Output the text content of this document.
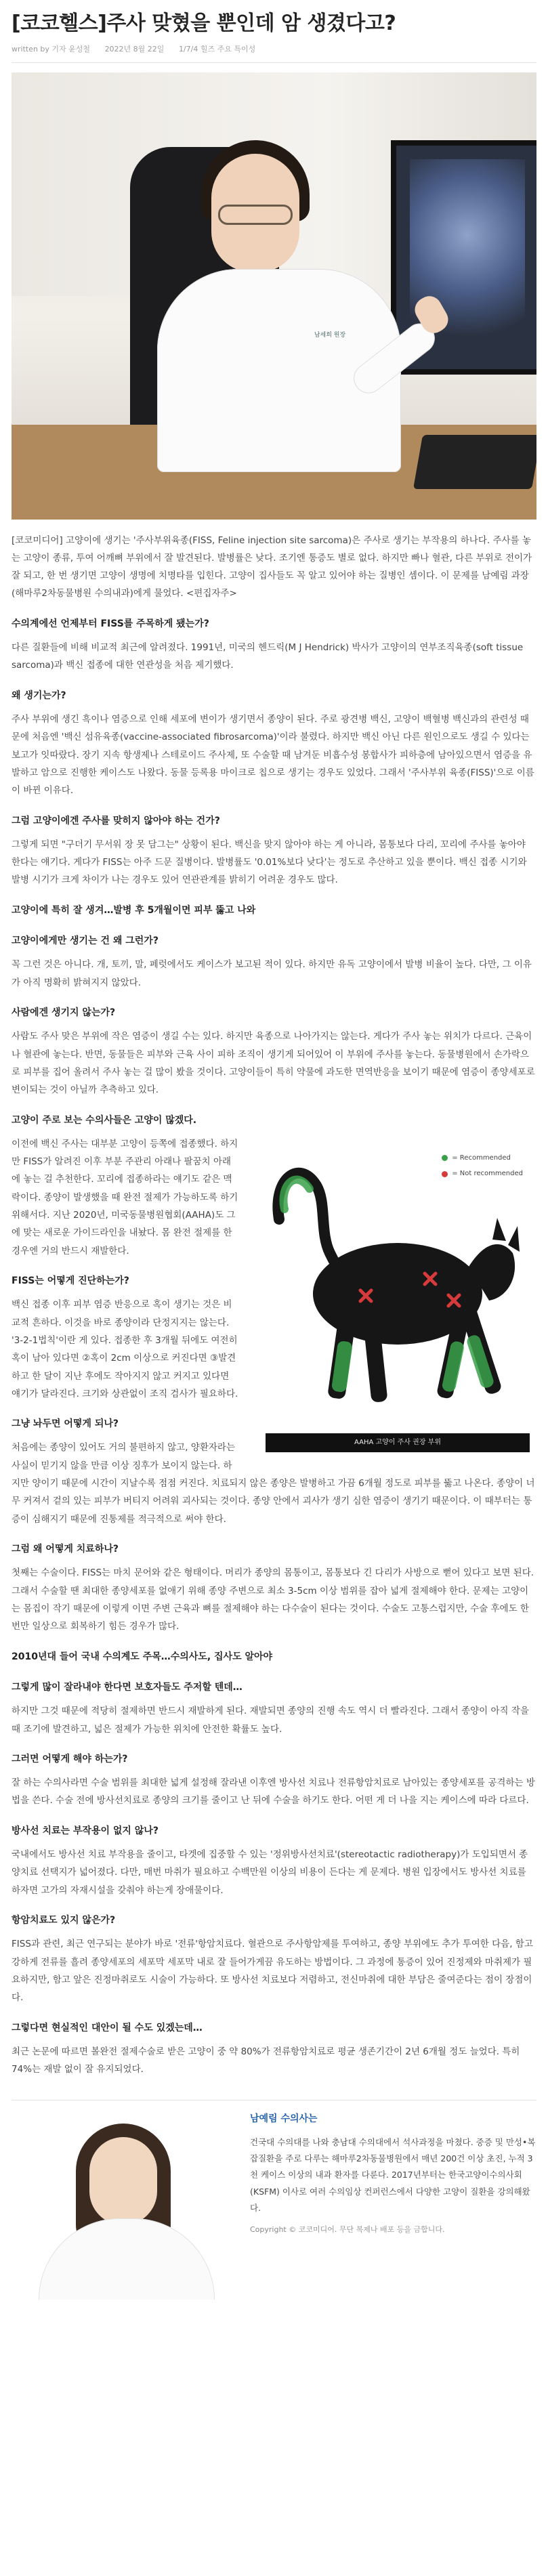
[코코헬스]주사 맞혔을 뿐인데 암 생겼다고?
written by 기자 윤성철 2022년 8월 22일 1/7/4 힐즈 주요 특이성
남세희 원장

[코코미디어] 고양이에 생기는 '주사부위육종(FISS, Feline injection site sarcoma)은 주사로 생기는 부작용의 하나다. 주사를 놓는 고양이 종류, 투여 어깨뼈 부위에서 잘 발견된다. 발병률은 낮다. 조기엔 통증도 별로 없다. 하지만 빠나 혈관, 다른 부위로 전이가 잘 되고, 한 번 생기면 고양이 생명에 치명타를 입힌다. 고양이 집사들도 꼭 알고 있어야 하는 질병인 셈이다. 이 문제를 남예림 과장(해마루2차동물병원 수의내과)에게 물었다. <편집자주>

수의계에선 언제부터 FISS를 주목하게 됐는가?

다른 질환들에 비해 비교적 최근에 알려졌다. 1991년, 미국의 헨드릭(M J Hendrick) 박사가 고양이의 연부조직육종(soft tissue sarcoma)과 백신 접종에 대한 연관성을 처음 제기했다.

왜 생기는가?

주사 부위에 생긴 흑이나 염증으로 인해 세포에 변이가 생기면서 종양이 된다. 주로 광견병 백신, 고양이 백혈병 백신과의 관련성 때문에 처음엔 '백신 섬유육종(vaccine-associated fibrosarcoma)'이라 불렸다. 하지만 백신 아닌 다른 원인으로도 생길 수 있다는 보고가 잇따랐다. 장기 지속 항생제나 스테로이드 주사제, 또 수술할 때 남겨둔 비흡수성 봉합사가 피하층에 남아있으면서 염증을 유발하고 암으로 진행한 케이스도 나왔다. 동물 등록용 마이크로 칩으로 생기는 경우도 있었다. 그래서 '주사부위 육종(FISS)'으로 이름이 바뀐 이유다.

그럼 고양이에겐 주사를 맞히지 않아야 하는 건가?

그렇게 되면 "구더기 무서워 장 못 담그는" 상황이 된다. 백신을 맞지 않아야 하는 게 아니라, 몸통보다 다리, 꼬리에 주사를 놓아야 한다는 얘기다. 게다가 FISS는 아주 드문 질병이다. 발병률도 '0.01%보다 낮다'는 정도로 추산하고 있을 뿐이다. 백신 접종 시기와 발병 시기가 크게 차이가 나는 경우도 있어 연관관계를 밝히기 어려운 경우도 많다.

고양이에 특히 잘 생겨…발병 후 5개월이면 피부 뚫고 나와
고양이에게만 생기는 건 왜 그런가?

꼭 그런 것은 아니다. 개, 토끼, 말, 페럿에서도 케이스가 보고된 적이 있다. 하지만 유독 고양이에서 발병 비율이 높다. 다만, 그 이유가 아직 명확히 밝혀지지 않았다.

사람에겐 생기지 않는가?

사람도 주사 맞은 부위에 작은 염증이 생길 수는 있다. 하지만 육종으로 나아가지는 않는다. 게다가 주사 놓는 위치가 다르다. 근육이나 혈관에 놓는다. 반면, 동물들은 피부와 근육 사이 피하 조직이 생기게 되어있어 이 부위에 주사를 놓는다. 동물병원에서 손가락으로 피부를 집어 올려서 주사 놓는 걸 많이 봤을 것이다. 고양이들이 특히 약물에 과도한 면역반응을 보이기 때문에 염증이 종양세포로 변이되는 것이 아닐까 추측하고 있다.

고양이 주로 보는 수의사들은 고양이 많겠다.
= Recommended
= Not recommended
AAHA 고양이 주사 권장 부위

이전에 백신 주사는 대부분 고양이 등쪽에 접종했다. 하지만 FISS가 알려진 이후 부분 주관리 아래나 팔꿈치 아래에 놓는 걸 추천한다. 꼬리에 접종하라는 얘기도 같은 맥락이다. 종양이 발생했을 때 완전 절제가 가능하도록 하기 위해서다. 지난 2020년, 미국동물병원협회(AAHA)도 그에 맞는 새로운 가이드라인을 내놨다. 몸 완전 절제를 한 경우엔 거의 반드시 재발한다.

FISS는 어떻게 진단하는가?

백신 접종 이후 피부 염증 반응으로 혹이 생기는 것은 비교적 흔하다. 이것을 바로 종양이라 단정지지는 않는다. '3-2-1법칙'이란 게 있다. 접종한 후 3개월 뒤에도 여전히 혹이 남아 있다면 ②혹이 2cm 이상으로 커진다면 ③발견하고 한 달이 지난 후에도 작아지지 않고 커지고 있다면 얘기가 달라진다. 크기와 상관없이 조직 검사가 필요하다.

그냥 놔두면 어떻게 되나?

처음에는 종양이 있어도 거의 불편하지 않고, 양환자라는 사실이 믿기지 않을 만큼 이상 징후가 보이지 않는다. 하지만 양이기 때문에 시간이 지날수록 점점 커진다. 치료되지 않은 종양은 발병하고 가끔 6개월 정도로 피부를 뚫고 나온다. 종양이 너무 커져서 겉의 있는 피부가 버티지 어려워 괴사되는 것이다. 종양 안에서 괴사가 생기 심한 염증이 생기기 때문이다. 이 때부터는 통증이 심해지기 때문에 진통제를 적극적으로 써야 한다.

그럼 왜 어떻게 치료하나?

첫째는 수술이다. FISS는 마치 문어와 같은 형태이다. 머리가 종양의 몸통이고, 몸통보다 긴 다리가 사방으로 뻗어 있다고 보면 된다. 그래서 수술할 땐 최대한 종양세포를 없애기 위해 종양 주변으로 최소 3-5cm 이상 범위를 잡아 넓게 절제해야 한다. 문제는 고양이는 몸집이 작기 때문에 이렇게 이면 주변 근육과 뼈를 절제해야 하는 다수술이 된다는 것이다. 수술도 고통스럽지만, 수술 후에도 한번만 일상으로 회복하기 힘든 경우가 많다.

2010년대 들어 국내 수의계도 주목…수의사도, 집사도 알아야
그렇게 많이 잘라내야 한다면 보호자들도 주저할 텐데…

하지만 그것 때문에 적당히 절제하면 반드시 재발하게 된다. 재발되면 종양의 진행 속도 역시 더 빨라진다. 그래서 종양이 아직 작을 때 조기에 발견하고, 넓은 절제가 가능한 위치에 안전한 확률도 높다.

그러면 어떻게 해야 하는가?

잘 하는 수의사라면 수술 범위를 최대한 넓게 설정해 잘라낸 이후엔 방사선 치료나 전류항암치료로 남아있는 종양세포를 공격하는 방법을 쓴다. 수술 전에 방사선치료로 종양의 크기를 줄이고 난 뒤에 수술을 하기도 한다. 어떤 게 더 나을 지는 케이스에 따라 다르다.

방사선 치료는 부작용이 없지 않나?

국내에서도 방사선 치료 부작용을 줄이고, 타겟에 집중할 수 있는 '정위방사선치료'(stereotactic radiotherapy)가 도입되면서 종양치료 선택지가 넓어졌다. 다만, 매번 마취가 필요하고 수백만원 이상의 비용이 든다는 게 문제다. 병원 입장에서도 방사선 치료를 하자면 고가의 자재시설을 갖춰야 하는게 장애물이다.

항암치료도 있지 않은가?

FISS과 관련, 최근 연구되는 분야가 바로 '전류'항암치료다. 혈관으로 주사항암제를 투여하고, 종양 부위에도 추가 투여한 다음, 함고 강하게 전류를 흘려 종양세포의 세포막 세포막 내로 잘 들어가게끔 유도하는 방법이다. 그 과정에 통증이 있어 진정제와 마취제가 필요하지만, 함고 앞은 진정마취로도 시술이 가능하다. 또 방사선 치료보다 저렴하고, 전신마취에 대한 부담은 줄여준다는 점이 장점이다.

그렇다면 현실적인 대안이 될 수도 있겠는데…

최근 논문에 따르면 볼완전 절제수술로 받은 고양이 중 약 80%가 전류항암치료로 평균 생존기간이 2년 6개월 정도 늘었다. 특히 74%는 재발 없이 잘 유지되었다.

남예림 수의사는
건국대 수의대를 나와 충남대 수의대에서 석사과정을 마쳤다. 중증 및 만성•복잡질환을 주로 다루는 해마루2차동물병원에서 매년 200건 이상 초진, 누적 3천 케이스 이상의 내과 환자를 다룬다. 2017년부터는 한국고양이수의사회(KSFM) 이사로 여러 수의임상 컨퍼런스에서 다양한 고양이 질환을 강의해왔다.
Copyright © 코코미디어. 무단 복제나 배포 등을 금합니다.
